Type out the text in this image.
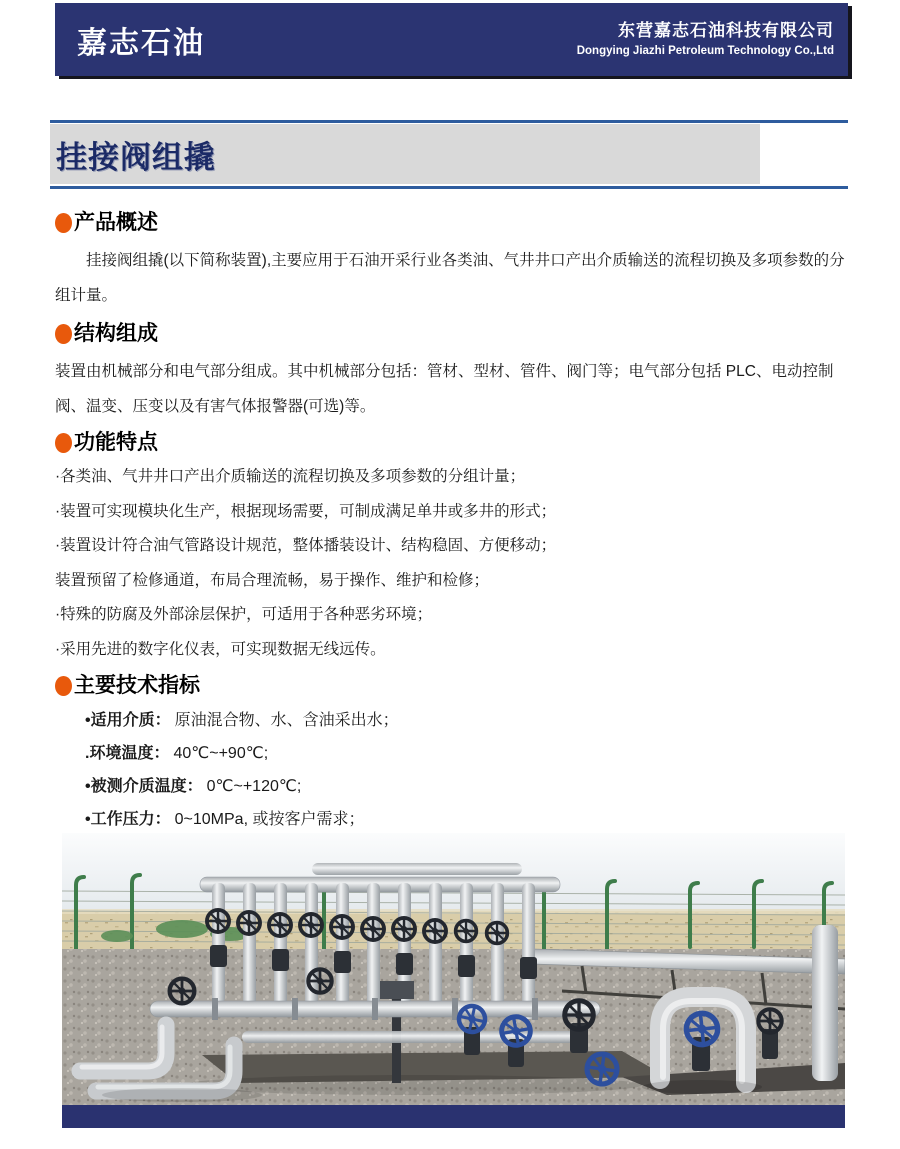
嘉志石油	东营嘉志石油科技有限公司
Dongying Jiazhi Petroleum Technology Co.,Ltd
挂接阀组撬
产品概述
挂接阀组撬(以下简称装置),主要应用于石油开采行业各类油、气井井口产出介质输送的流程切换及多项参数的分组计量。
结构组成
装置由机械部分和电气部分组成。其中机械部分包括：管材、型材、管件、阀门等；电气部分包括 PLC、电动控制阀、温变、压变以及有害气体报警器(可选)等。
功能特点
·各类油、气井井口产出介质输送的流程切换及多项参数的分组计量；
·装置可实现模块化生产，根据现场需要，可制成满足单井或多井的形式；
·装置设计符合油气管路设计规范，整体播装设计、结构稳固、方便移动；
装置预留了检修通道，布局合理流畅，易于操作、维护和检修；
·特殊的防腐及外部涂层保护，可适用于各种恶劣环境；
·采用先进的数字化仪表，可实现数据无线远传。
主要技术指标
•适用介质： 原油混合物、水、含油采出水；
.环境温度： 40℃~+90℃;
•被测介质温度： 0℃~+120℃;
•工作压力： 0~10MPa, 或按客户需求；
